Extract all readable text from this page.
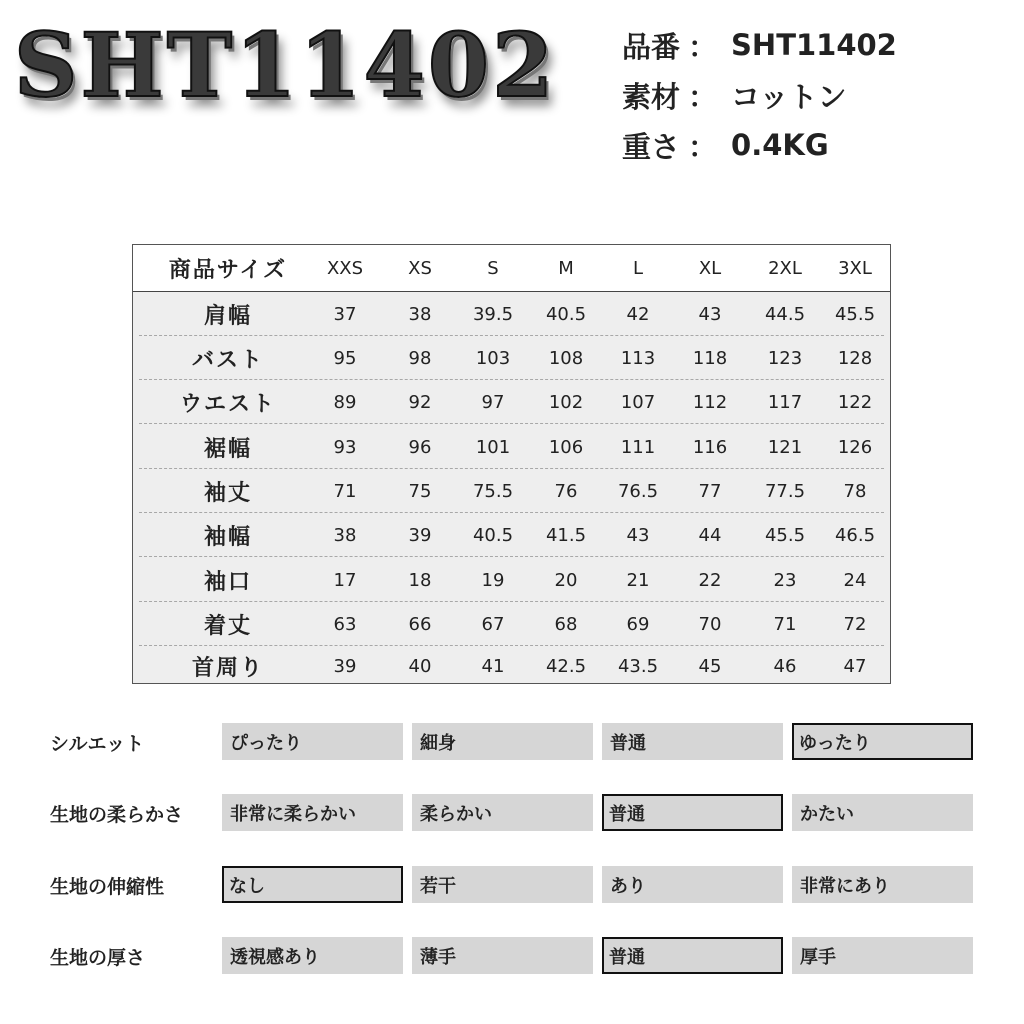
SHT11402 品番 ： SHT11402
素材 ： コットン
重さ ： 0.4KG
商品サイズ	XXS	XS	S	M	L	XL	2XL	3XL
肩幅	37	38	39.5	40.5	42	43	44.5	45.5
バスト	95	98	103	108	113	118	123	128
ウエスト	89	92	97	102	107	112	117	122
裾幅	93	96	101	106	111	116	121	126
袖丈	71	75	75.5	76	76.5	77	77.5	78
袖幅	38	39	40.5	41.5	43	44	45.5	46.5
袖口	17	18	19	20	21	22	23	24
着丈	63	66	67	68	69	70	71	72
首周り	39	40	41	42.5	43.5	45	46	47
シルエット	ぴったり	細身	普通	ゆったり
生地の柔らかさ	非常に柔らかい	柔らかい	普通	かたい
生地の伸縮性	なし	若干	あり	非常にあり
生地の厚さ	透視感あり	薄手	普通	厚手
